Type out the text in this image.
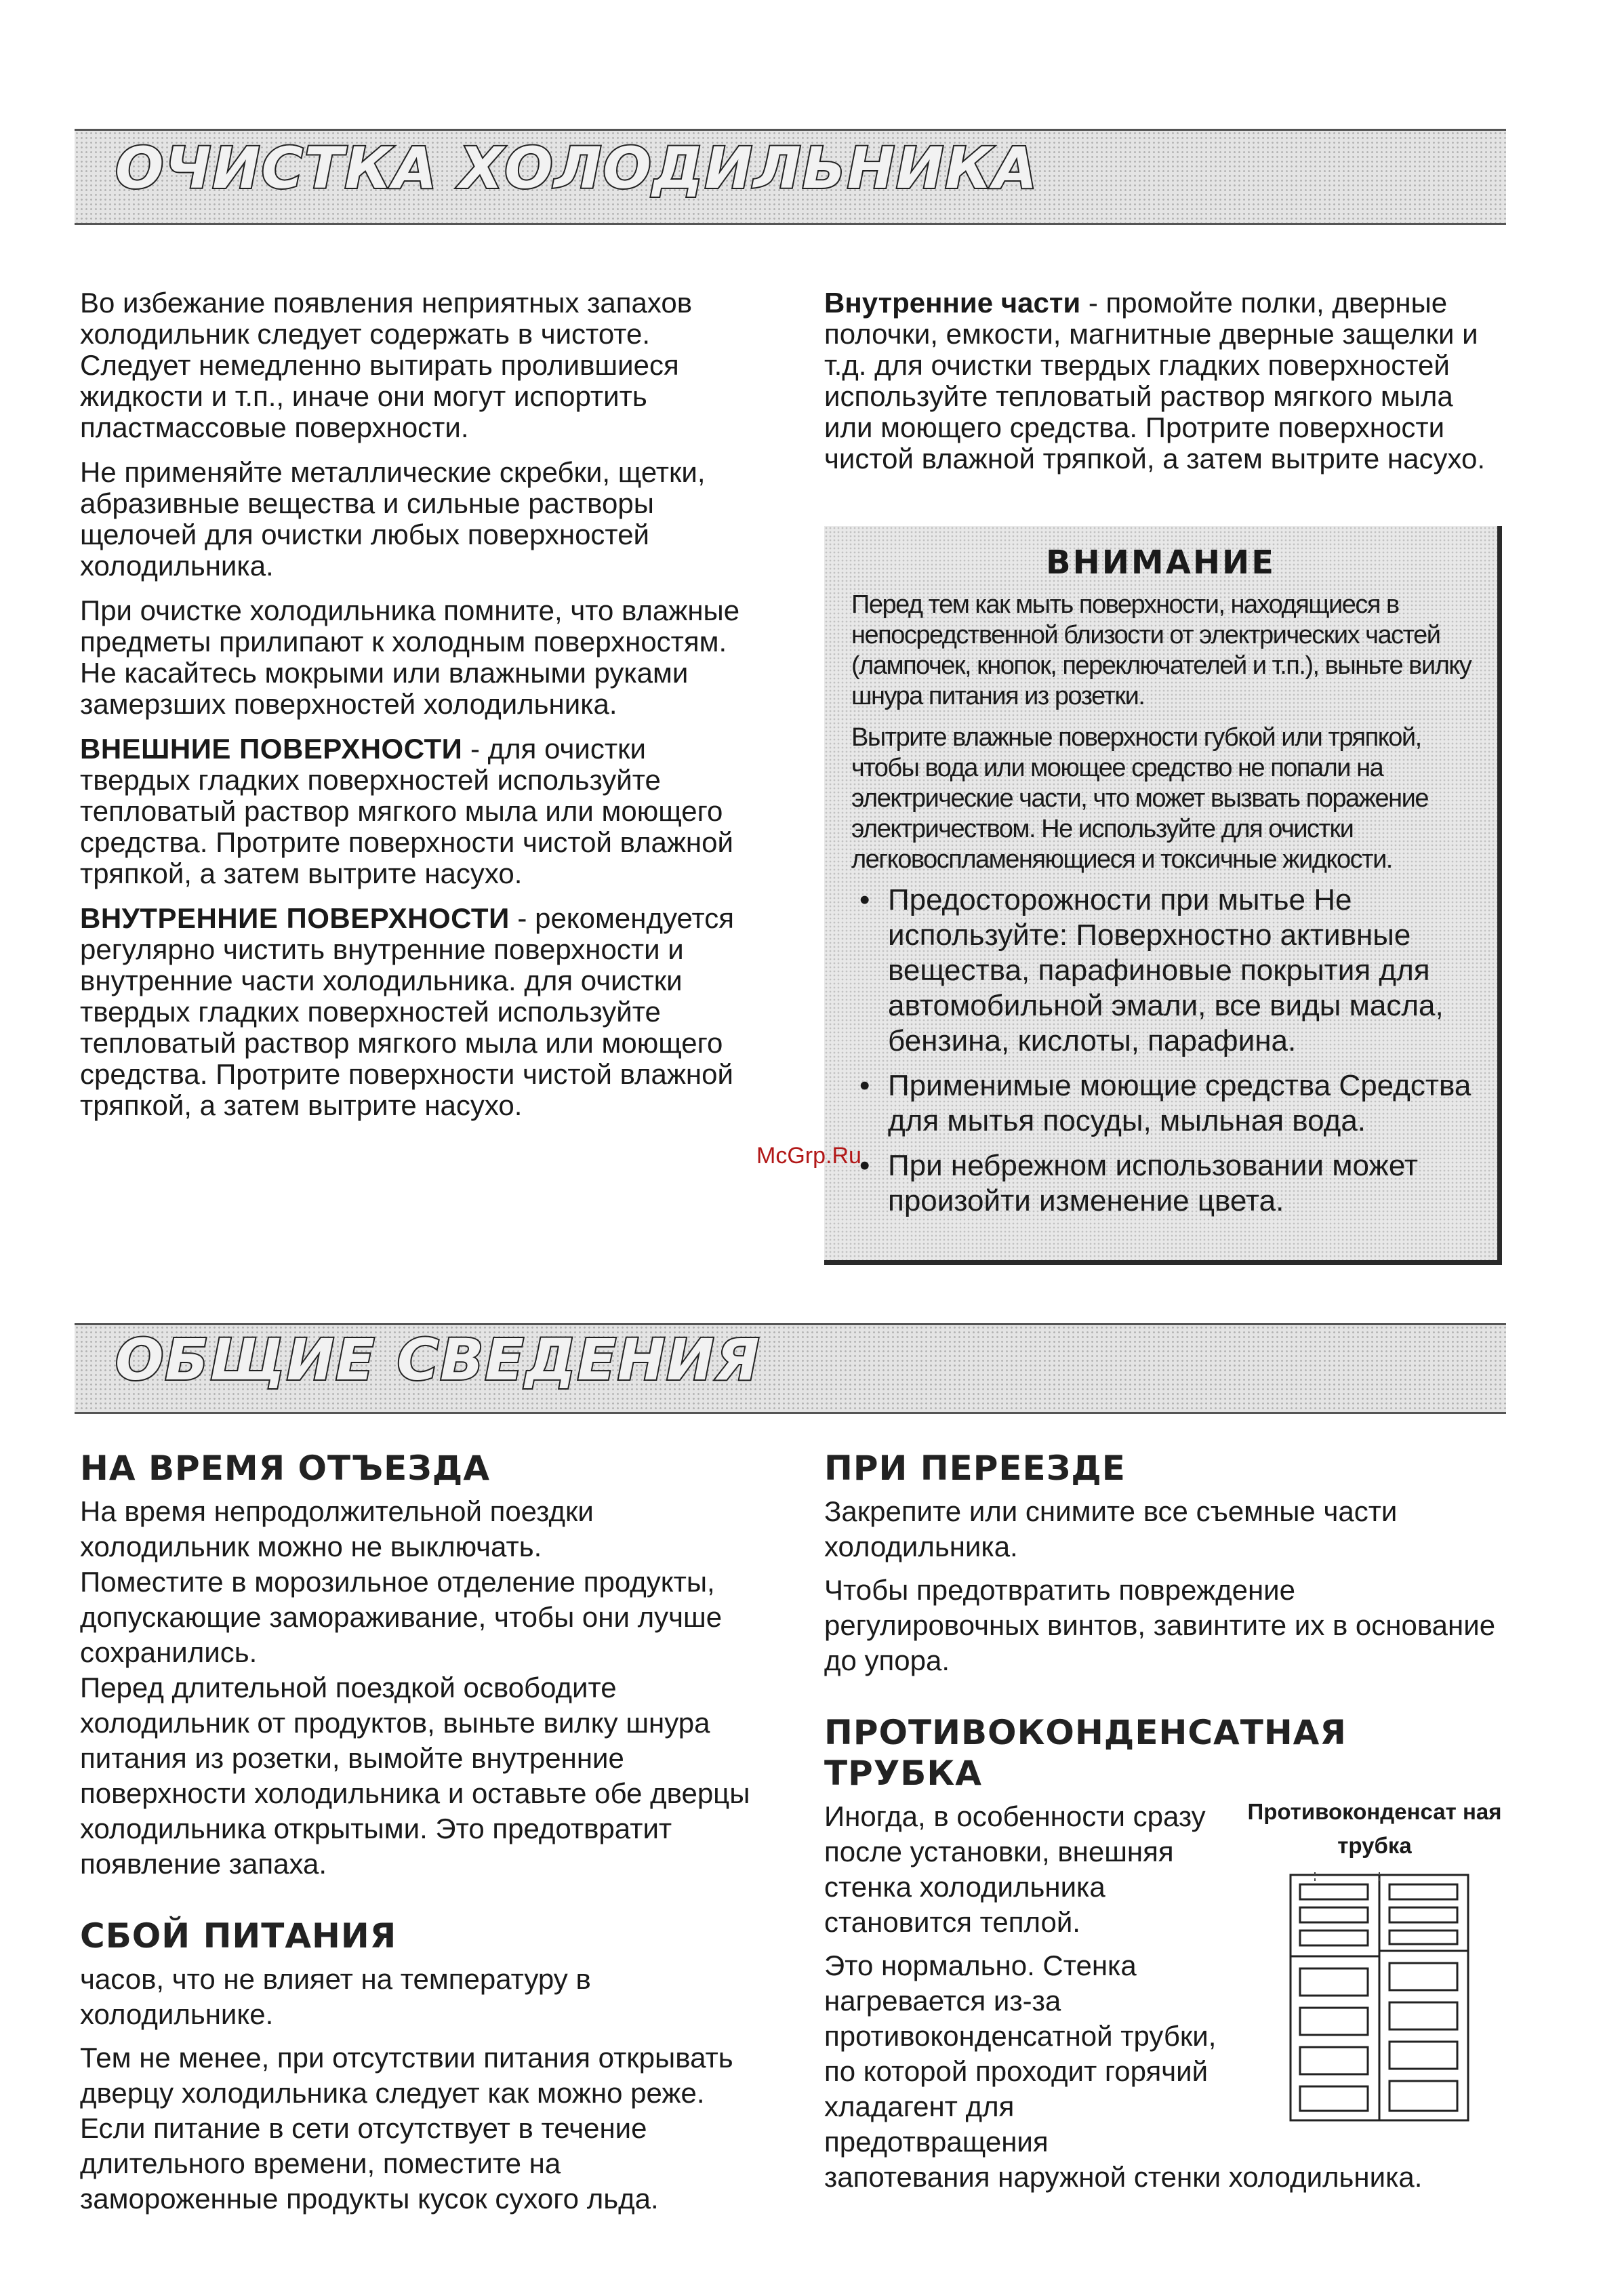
ОЧИСТКА ХОЛОДИЛЬНИКА

Во избежание появления неприятных запахов холодильник следует содержать в чистоте. Следует немедленно вытирать пролившиеся жидкости и т.п., иначе они могут испортить пластмассовые поверхности.

Не применяйте металлические скребки, щетки, абразивные вещества и сильные растворы щелочей для очистки любых поверхностей холодильника.

При очистке холодильника помните, что влажные предметы прилипают к холодным поверхностям. Не касайтесь мокрыми или влажными руками замерзших поверхностей холодильника.

ВНЕШНИЕ ПОВЕРХНОСТИ - для очистки твердых гладких поверхностей используйте тепловатый раствор мягкого мыла или моющего средства. Протрите поверхности чистой влажной тряпкой, а затем вытрите насухо.

ВНУТРЕННИЕ ПОВЕРХНОСТИ - рекомендуется регулярно чистить внутренние поверхности и внутренние части холодильника. для очистки твердых гладких поверхностей используйте тепловатый раствор мягкого мыла или моющего средства. Протрите поверхности чистой влажной тряпкой, а затем вытрите насухо.

Внутренние части - промойте полки, дверные полочки, емкости, магнитные дверные защелки и т.д. для очистки твердых гладких поверхностей используйте тепловатый раствор мягкого мыла или моющего средства. Протрите поверхности чистой влажной тряпкой, а затем вытрите насухо.
ВНИМАНИЕ

Перед тем как мыть поверхности, находящиеся в непосредственной близости от электрических частей (лампочек, кнопок, переключателей и т.п.), выньте вилку шнура питания из розетки.

Вытрите влажные поверхности губкой или тряпкой, чтобы вода или моющее средство не попали на электрические части, что может вызвать поражение электричеством. Не используйте для очистки легковоспламеняющиеся и токсичные жидкости.

• Предосторожности при мытье Не используйте: Поверхностно активные вещества, парафиновые покрытия для автомобильной эмали, все виды масла, бензина, кислоты, парафина.
• Применимые моющие средства Средства для мытья посуды, мыльная вода.
• При небрежном использовании может произойти изменение цвета.
McGrp.Ru
ОБЩИЕ СВЕДЕНИЯ
НА ВРЕМЯ ОТЪЕЗДА

На время непродолжительной поездки холодильник можно не выключать.

Поместите в морозильное отделение продукты, допускающие замораживание, чтобы они лучше сохранились.

Перед длительной поездкой освободите холодильник от продуктов, выньте вилку шнура питания из розетки, вымойте внутренние поверхности холодильника и оставьте обе дверцы холодильника открытыми. Это предотвратит появление запаха.

СБОЙ ПИТАНИЯ

часов, что не влияет на температуру в холодильнике.

Тем не менее, при отсутствии питания открывать дверцу холодильника следует как можно реже. Если питание в сети отсутствует в течение длительного времени, поместите на замороженные продукты кусок сухого льда.

ПРИ ПЕРЕЕЗДЕ

Закрепите или снимите все съемные части холодильника.

Чтобы предотвратить повреждение регулировочных винтов, завинтите их в основание до упора.

ПРОТИВОКОНДЕНСАТНАЯ ТРУБКА

Иногда, в особенности сразу после установки, внешняя стенка холодильника становится теплой.

Это нормально. Стенка нагревается из-за противоконденсатной трубки, по которой проходит горячий хладагент для предотвращения

запотевания наружной стенки холодильника.

Противоконденсат ная трубка
